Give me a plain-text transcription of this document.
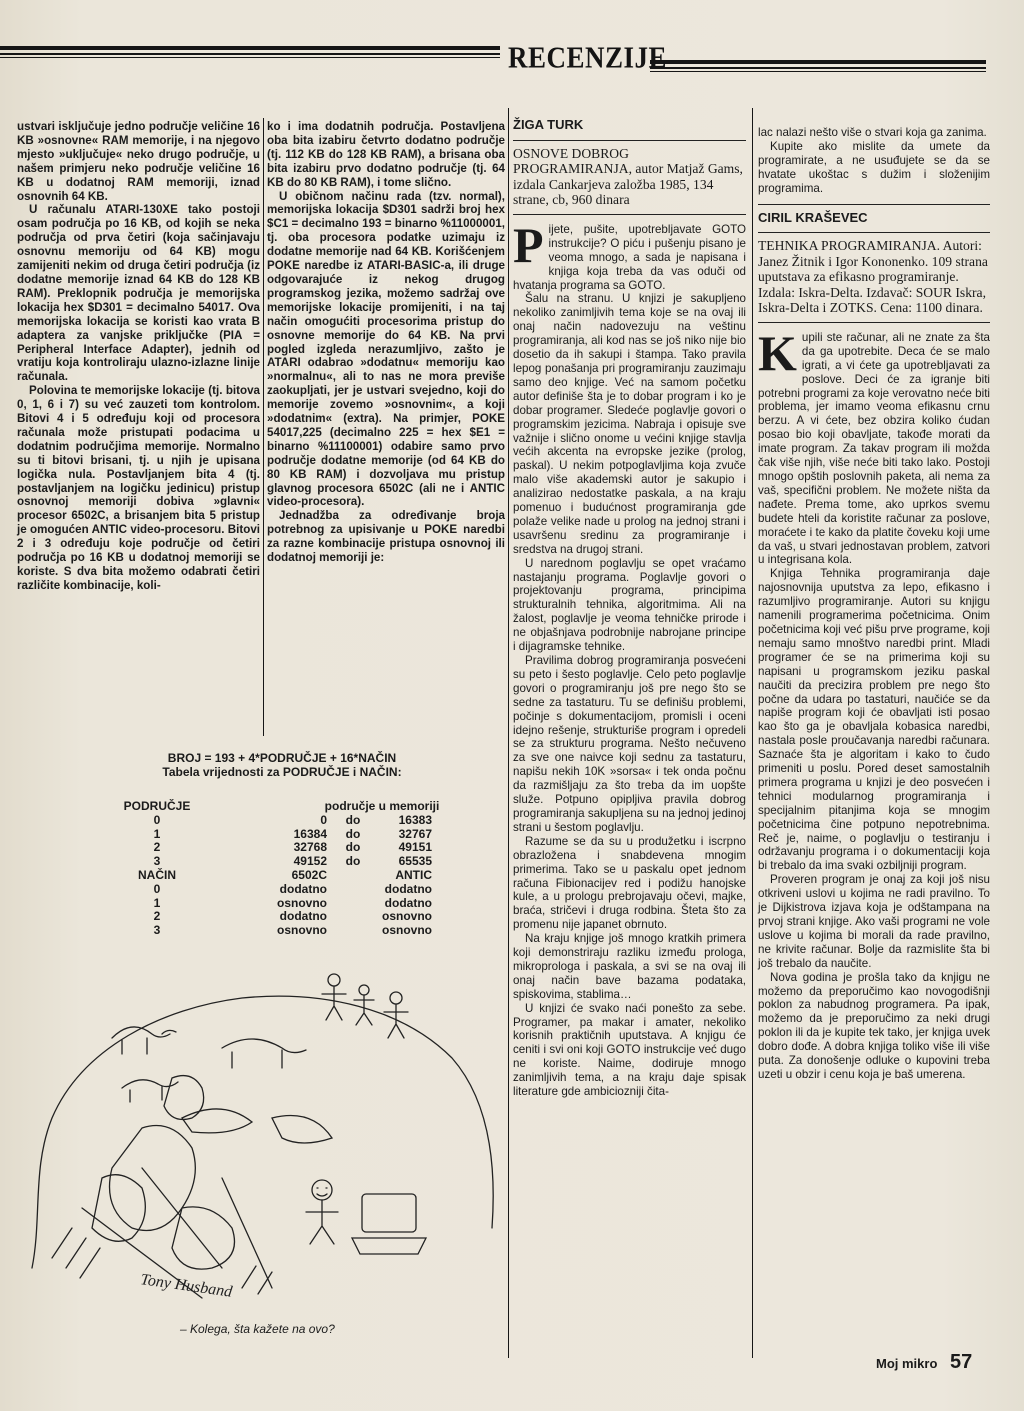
RECENZIJE

ustvari isključuje jedno područje veličine 16 KB »osnovne« RAM memorije, i na njegovo mjesto »uključuje« neko drugo područje, u našem primjeru neko područje veličine 16 KB u dodatnoj RAM memoriji, iznad osnovnih 64 KB.

U računalu ATARI-130XE tako postoji osam područja po 16 KB, od kojih se neka područja od prva četiri (koja sačinjavaju osnovnu memoriju od 64 KB) mogu zamijeniti nekim od druga četiri područja (iz dodatne memorije iznad 64 KB do 128 KB RAM). Preklopnik područja je memorijska lokacija hex $D301 = decimalno 54017. Ova memorijska lokacija se koristi kao vrata B adaptera za vanjske priključke (PIA = Peripheral Interface Adapter), jednih od vratiju koja kontroliraju ulazno-izlazne linije računala.

Polovina te memorijske lokacije (tj. bitova 0, 1, 6 i 7) su već zauzeti tom kontrolom. Bitovi 4 i 5 određuju koji od procesora računala može pristupati podacima u dodatnim područjima memorije. Normalno su ti bitovi brisani, tj. u njih je upisana logička nula. Postavljanjem bita 4 (tj. postavljanjem na logičku jedinicu) pristup osnovnoj memoriji dobiva »glavni« procesor 6502C, a brisanjem bita 5 pristup je omogućen ANTIC video-procesoru. Bitovi 2 i 3 određuju koje područje od četiri područja po 16 KB u dodatnoj memoriji se koriste. S dva bita možemo odabrati četiri različite kombinacije, koli-

ko i ima dodatnih područja. Postavljena oba bita izabiru četvrto dodatno područje (tj. 112 KB do 128 KB RAM), a brisana oba bita izabiru prvo dodatno područje (tj. 64 KB do 80 KB RAM), i tome slično.

U običnom načinu rada (tzv. normal), memorijska lokacija $D301 sadrži broj hex $C1 = decimalno 193 = binarno %11000001, tj. oba procesora podatke uzimaju iz dodatne memorije nad 64 KB. Korišćenjem POKE naredbe iz ATARI-BASIC-a, ili druge odgovarajuće iz nekog drugog programskog jezika, možemo sadržaj ove memorijske lokacije promijeniti, i na taj način omogućiti procesorima pristup do osnovne memorije do 64 KB. Na prvi pogled izgleda nerazumljivo, zašto je ATARI odabrao »dodatnu« memoriju kao »normalnu«, ali to nas ne mora previše zaokupljati, jer je ustvari svejedno, koji do memorije zovemo »osnovnim«, a koji »dodatnim« (extra). Na primjer, POKE 54017,225 (decimalno 225 = hex $E1 = binarno %11100001) odabire samo prvo područje dodatne memorije (od 64 KB do 80 KB RAM) i dozvoljava mu pristup glavnog procesora 6502C (ali ne i ANTIC video-procesora).

Jednadžba za određivanje broja potrebnog za upisivanje u POKE naredbi za razne kombinacije pristupa osnovnoj ili dodatnoj memoriji je:

BROJ = 193 + 4*PODRUČJE + 16*NAČIN

Tabela vrijednosti za PODRUČJE i NAČIN:

PODRUČJE
0
1
2
3
NAČIN
0
1
2
3
područje u memoriji
0
16384
32768
49152
6502C
dodatno
osnovno
dodatno
osnovno
do
do
do
do
16383
32767
49151
65535
ANTIC
dodatno
dodatno
osnovno
osnovno
Tony Husband
– Kolega, šta kažete na ovo?
ŽIGA TURK
OSNOVE DOBROG PROGRAMIRANJA, autor Matjaž Gams, izdala Cankarjeva založba 1985, 134 strane, cb, 960 dinara

Pijete, pušite, upotrebljavate GOTO instrukcije? O piću i pušenju pisano je veoma mnogo, a sada je napisana i knjiga koja treba da vas oduči od hvatanja programa sa GOTO.

Šalu na stranu. U knjizi je sakupljeno nekoliko zanimljivih tema koje se na ovaj ili onaj način nadovezuju na veštinu programiranja, ali kod nas se još niko nije bio dosetio da ih sakupi i štampa. Tako pravila lepog ponašanja pri programiranju zauzimaju samo deo knjige. Već na samom početku autor definiše šta je to dobar program i ko je dobar programer. Sledeće poglavlje govori o programskim jezicima. Nabraja i opisuje sve važnije i slično onome u većini knjige stavlja većih akcenta na evropske jezike (prolog, paskal). U nekim potpoglavljima koja zvuče malo više akademski autor je sakupio i analizirao nedostatke paskala, a na kraju pomenuo i budućnost programiranja gde polaže velike nade u prolog na jednoj strani i usavršenu sredinu za programiranje i sredstva na drugoj strani.

U narednom poglavlju se opet vraćamo nastajanju programa. Poglavlje govori o projektovanju programa, principima strukturalnih tehnika, algoritmima. Ali na žalost, poglavlje je veoma tehničke prirode i ne objašnjava podrobnije nabrojane principe i dijagramske tehnike.

Pravilima dobrog programiranja posvećeni su peto i šesto poglavlje. Celo peto poglavlje govori o programiranju još pre nego što se sedne za tastaturu. Tu se definišu problemi, počinje s dokumentacijom, promisli i oceni idejno rešenje, strukturiše program i opredeli se za strukturu programa. Nešto nečuveno za sve one naivce koji sednu za tastaturu, napišu nekih 10K »sorsa« i tek onda počnu da razmišljaju za što treba da im uopšte služe. Potpuno opipljiva pravila dobrog programiranja sakupljena su na jednoj jedinoj strani u šestom poglavlju.

Razume se da su u produžetku i iscrpno obrazložena i snabdevena mnogim primerima. Tako se u paskalu opet jednom računa Fibionacijev red i podižu hanojske kule, a u prologu prebrojavaju očevi, majke, braća, stričevi i druga rodbina. Šteta što za promenu nije japanet obrnuto.

Na kraju knjige još mnogo kratkih primera koji demonstriraju razliku između prologa, mikroprologa i paskala, a svi se na ovaj ili onaj način bave bazama podataka, spiskovima, stablima…

U knjizi će svako naći ponešto za sebe. Programer, pa makar i amater, nekoliko korisnih praktičnih uputstava. A knjigu će ceniti i svi oni koji GOTO instrukcije već dugo ne koriste. Naime, dodiruje mnogo zanimljivih tema, a na kraju daje spisak literature gde ambiciozniji čita-

lac nalazi nešto više o stvari koja ga zanima.

Kupite ako mislite da umete da programirate, a ne usuđujete se da se hvatate ukoštac s dužim i složenijim programima.

CIRIL KRAŠEVEC
TEHNIKA PROGRAMIRANJA. Autori: Janez Žitnik i Igor Kononenko. 109 strana uputstava za efikasno programiranje. Izdala: Iskra-Delta. Izdavač: SOUR Iskra, Iskra-Delta i ZOTKS. Cena: 1100 dinara.

Kupili ste računar, ali ne znate za šta da ga upotrebite. Deca će se malo igrati, a vi ćete ga upotrebljavati za poslove. Deci će za igranje biti potrebni programi za koje verovatno neće biti problema, jer imamo veoma efikasnu crnu berzu. A vi ćete, bez obzira koliko ćudan posao bio koji obavljate, takođe morati da imate program. Za takav program ili možda čak više njih, više neće biti tako lako. Postoji mnogo opštih poslovnih paketa, ali nema za vaš, specifični problem. Ne možete ništa da nađete. Prema tome, ako uprkos svemu budete hteli da koristite računar za poslove, moraćete i te kako da platite čoveku koji ume da vaš, u stvari jednostavan problem, zatvori u integrisana kola.

Knjiga Tehnika programiranja daje najosnovnija uputstva za lepo, efikasno i razumljivo programiranje. Autori su knjigu namenili programerima početnicima. Onim početnicima koji već pišu prve programe, koji nemaju samo mnoštvo naredbi print. Mladi programer će se na primerima koji su napisani u programskom jeziku paskal naučiti da precizira problem pre nego što počne da udara po tastaturi, naučiće se da napiše program koji će obavljati isti posao kao što ga je obavljala kobasica naredbi, nastala posle proučavanja naredbi računara. Saznaće šta je algoritam i kako to čudo primeniti u poslu. Pored deset samostalnih primera programa u knjizi je deo posvećen i tehnici modularnog programiranja i specijalnim pitanjima koja se mnogim početnicima čine potpuno nepotrebnima. Reč je, naime, o poglavlju o testiranju i održavanju programa i o dokumentaciji koja bi trebalo da ima svaki ozbiljniji program.

Proveren program je onaj za koji još nisu otkriveni uslovi u kojima ne radi pravilno. To je Dijkistrova izjava koja je odštampana na prvoj strani knjige. Ako vaši programi ne vole uslove u kojima bi morali da rade pravilno, ne krivite računar. Bolje da razmislite šta bi još trebalo da naučite.

Nova godina je prošla tako da knjigu ne možemo da preporučimo kao novogodišnji poklon za nabudnog programera. Pa ipak, možemo da je preporučimo za neki drugi poklon ili da je kupite tek tako, jer knjiga uvek dobro dođe. A dobra knjiga toliko više ili više puta. Za donošenje odluke o kupovini treba uzeti u obzir i cenu koja je baš umerena.

Moj mikro 57
